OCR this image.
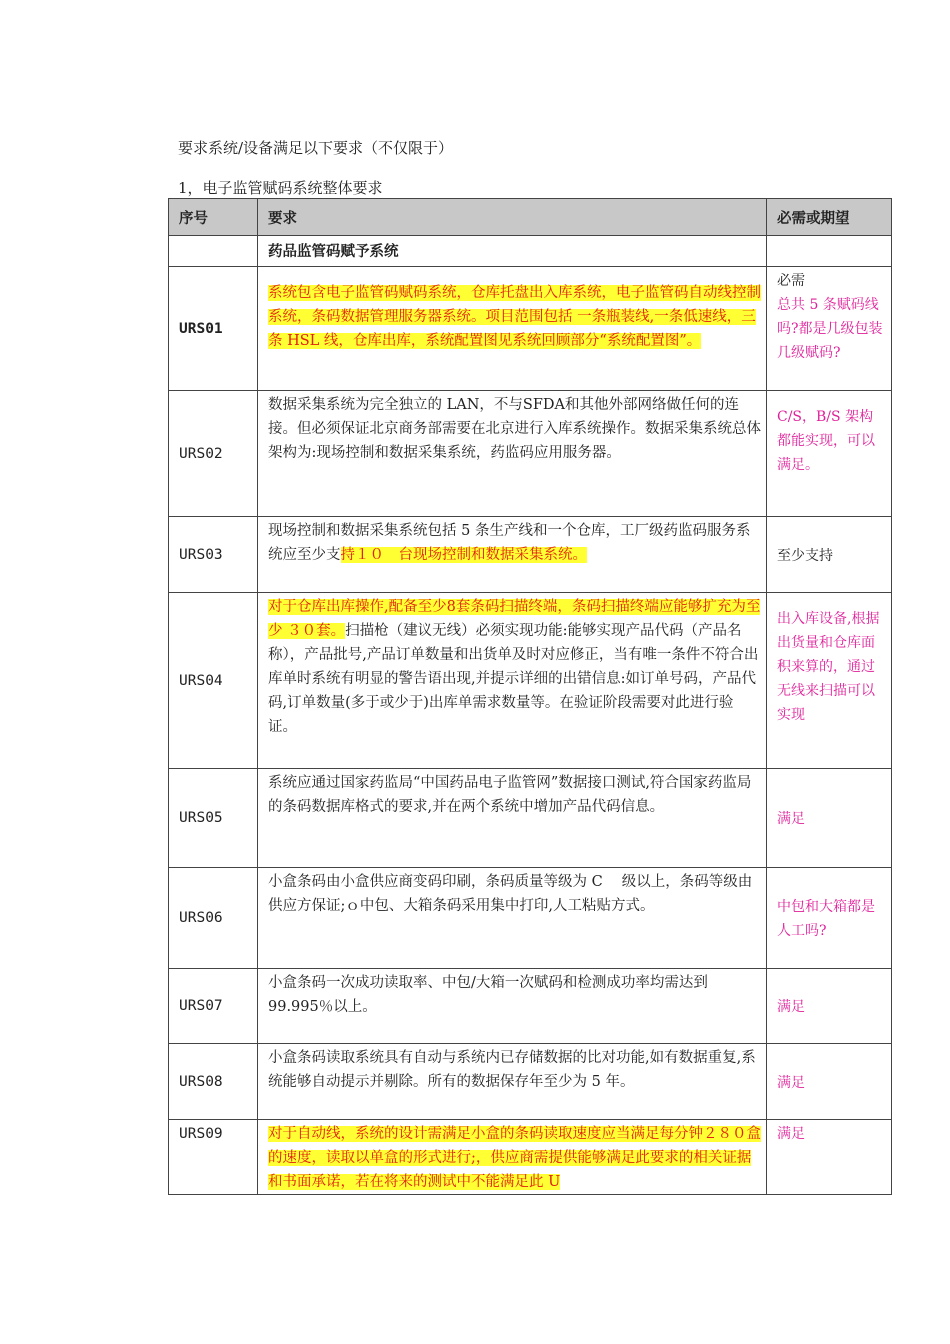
要求系统/设备满足以下要求（不仅限于）
1，电子监管赋码系统整体要求
序号	要求	必需或期望

	药品监管码赋予系统	

URS01	系统包含电子监管码赋码系统，仓库托盘出入库系统，电子监管码自动线控制系统，条码数据管理服务器系统。项目范围包括 一条瓶装线,一条低速线，三条 HSL 线，仓库出库，系统配置图见系统回顾部分“系统配置图”。	必需
总共 5 条赋码线吗?都是几级包装几级赋码?

URS02	数据采集系统为完全独立的 LAN，不与SFDA和其他外部网络做任何的连接。但必须保证北京商务部需要在北京进行入库系统操作。数据采集系统总体架构为:现场控制和数据采集系统，药监码应用服务器。	C/S，B/S 架构都能实现，可以满足。

URS03	现场控制和数据采集系统包括 5 条生产线和一个仓库，工厂级药监码服务系统应至少支持１０　台现场控制和数据采集系统。	至少支持

URS04	对于仓库出库操作,配备至少8套条码扫描终端，条码扫描终端应能够扩充为至少 ３０套。扫描枪（建议无线）必须实现功能:能够实现产品代码（产品名称），产品批号,产品订单数量和出货单及时对应修正，当有唯一条件不符合出库单时系统有明显的警告语出现,并提示详细的出错信息:如订单号码，产品代码,订单数量(多于或少于)出库单需求数量等。在验证阶段需要对此进行验证。	出入库设备,根据出货量和仓库面积来算的，通过无线来扫描可以实现

URS05	系统应通过国家药监局“中国药品电子监管网”数据接口测试,符合国家药监局的条码数据库格式的要求,并在两个系统中增加产品代码信息。	满足

URS06	小盒条码由小盒供应商变码印刷，条码质量等级为 C　 级以上，条码等级由供应方保证;ｏ中包、大箱条码采用集中打印,人工粘贴方式。	中包和大箱都是人工吗?

URS07	小盒条码一次成功读取率、中包/大箱一次赋码和检测成功率均需达到 99.995％以上。	满足

URS08	小盒条码读取系统具有自动与系统内已存储数据的比对功能,如有数据重复,系统能够自动提示并剔除。所有的数据保存年至少为 5 年。	满足

URS09	对于自动线，系统的设计需满足小盒的条码读取速度应当满足每分钟２８０盒的速度，读取以单盒的形式进行;，供应商需提供能够满足此要求的相关证据和书面承诺，若在将来的测试中不能满足此 U	满足
